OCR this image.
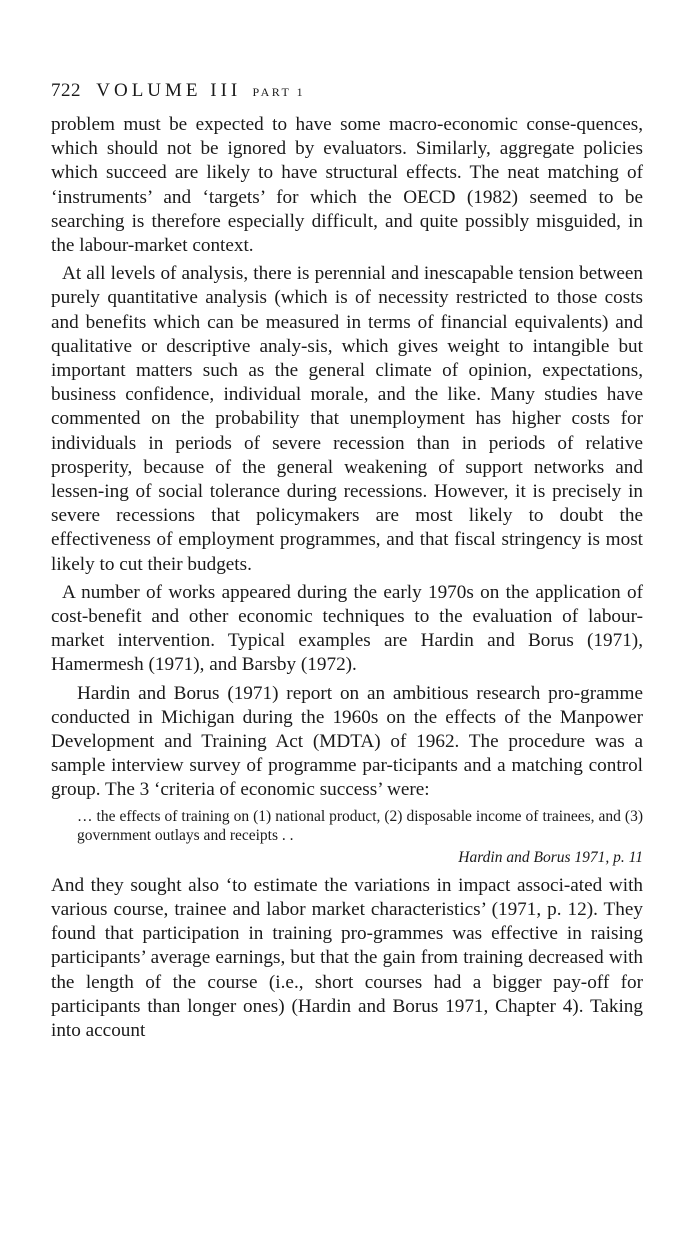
722 VOLUME III PART 1

problem must be expected to have some macro-economic conse-quences, which should not be ignored by evaluators. Similarly, aggregate policies which succeed are likely to have structural effects. The neat matching of ‘instruments’ and ‘targets’ for which the OECD (1982) seemed to be searching is therefore especially difficult, and quite possibly misguided, in the labour-market context.

At all levels of analysis, there is perennial and inescapable tension between purely quantitative analysis (which is of necessity restricted to those costs and benefits which can be measured in terms of financial equivalents) and qualitative or descriptive analy-sis, which gives weight to intangible but important matters such as the general climate of opinion, expectations, business confidence, individual morale, and the like. Many studies have commented on the probability that unemployment has higher costs for individuals in periods of severe recession than in periods of relative prosperity, because of the general weakening of support networks and lessen-ing of social tolerance during recessions. However, it is precisely in severe recessions that policymakers are most likely to doubt the effectiveness of employment programmes, and that fiscal stringency is most likely to cut their budgets.

A number of works appeared during the early 1970s on the application of cost-benefit and other economic techniques to the evaluation of labour-market intervention. Typical examples are Hardin and Borus (1971), Hamermesh (1971), and Barsby (1972).

Hardin and Borus (1971) report on an ambitious research pro-gramme conducted in Michigan during the 1960s on the effects of the Manpower Development and Training Act (MDTA) of 1962. The procedure was a sample interview survey of programme par-ticipants and a matching control group. The 3 ‘criteria of economic success’ were:

… the effects of training on (1) national product, (2) disposable income of trainees, and (3) government outlays and receipts . .
Hardin and Borus 1971, p. 11

And they sought also ‘to estimate the variations in impact associ-ated with various course, trainee and labor market characteristics’ (1971, p. 12). They found that participation in training pro-grammes was effective in raising participants’ average earnings, but that the gain from training decreased with the length of the course (i.e., short courses had a bigger pay-off for participants than longer ones) (Hardin and Borus 1971, Chapter 4). Taking into account
